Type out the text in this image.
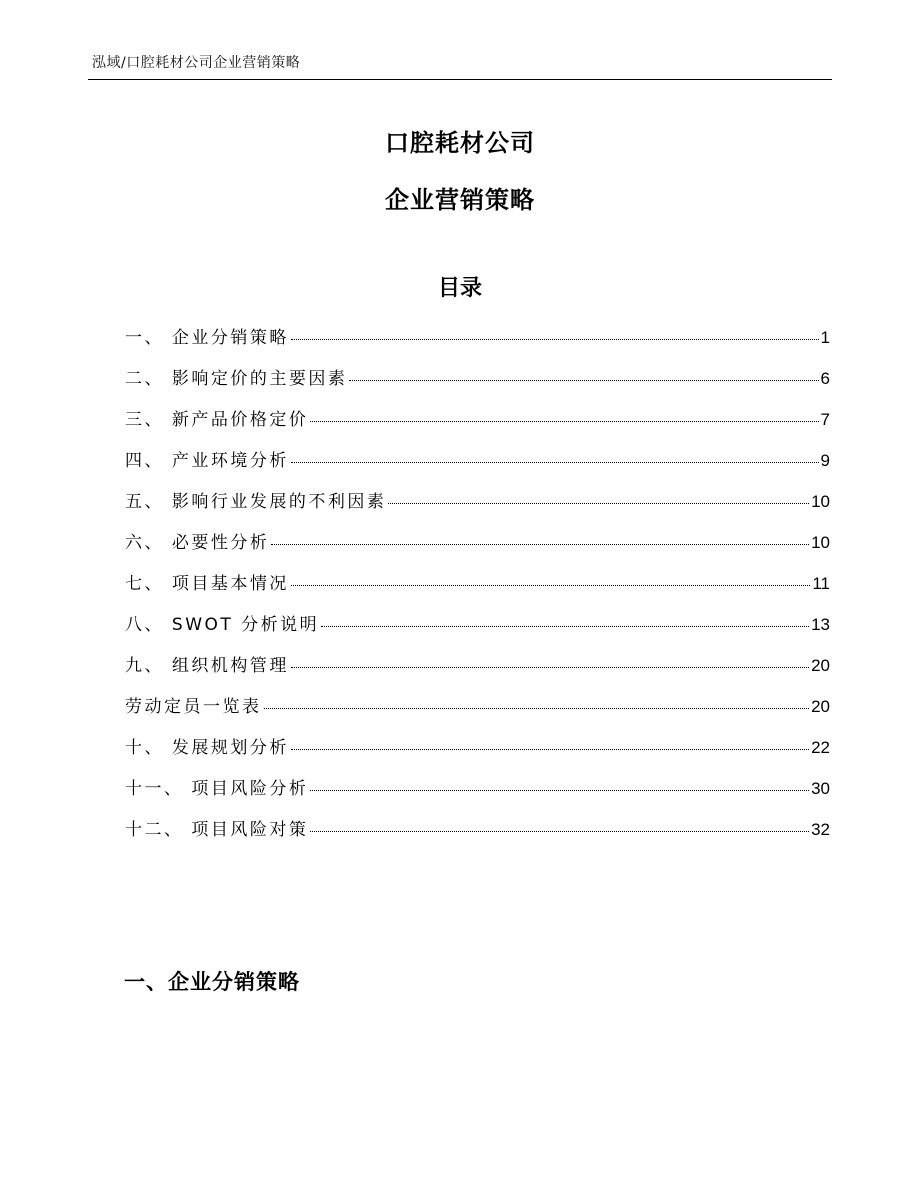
泓域/口腔耗材公司企业营销策略
口腔耗材公司
企业营销策略
目录
一、 企业分销策略	1
二、 影响定价的主要因素	6
三、 新产品价格定价	7
四、 产业环境分析	9
五、 影响行业发展的不利因素	10
六、 必要性分析	10
七、 项目基本情况	11
八、 SWOT 分析说明	13
九、 组织机构管理	20
劳动定员一览表	20
十、 发展规划分析	22
十一、 项目风险分析	30
十二、 项目风险对策	32
一、企业分销策略
